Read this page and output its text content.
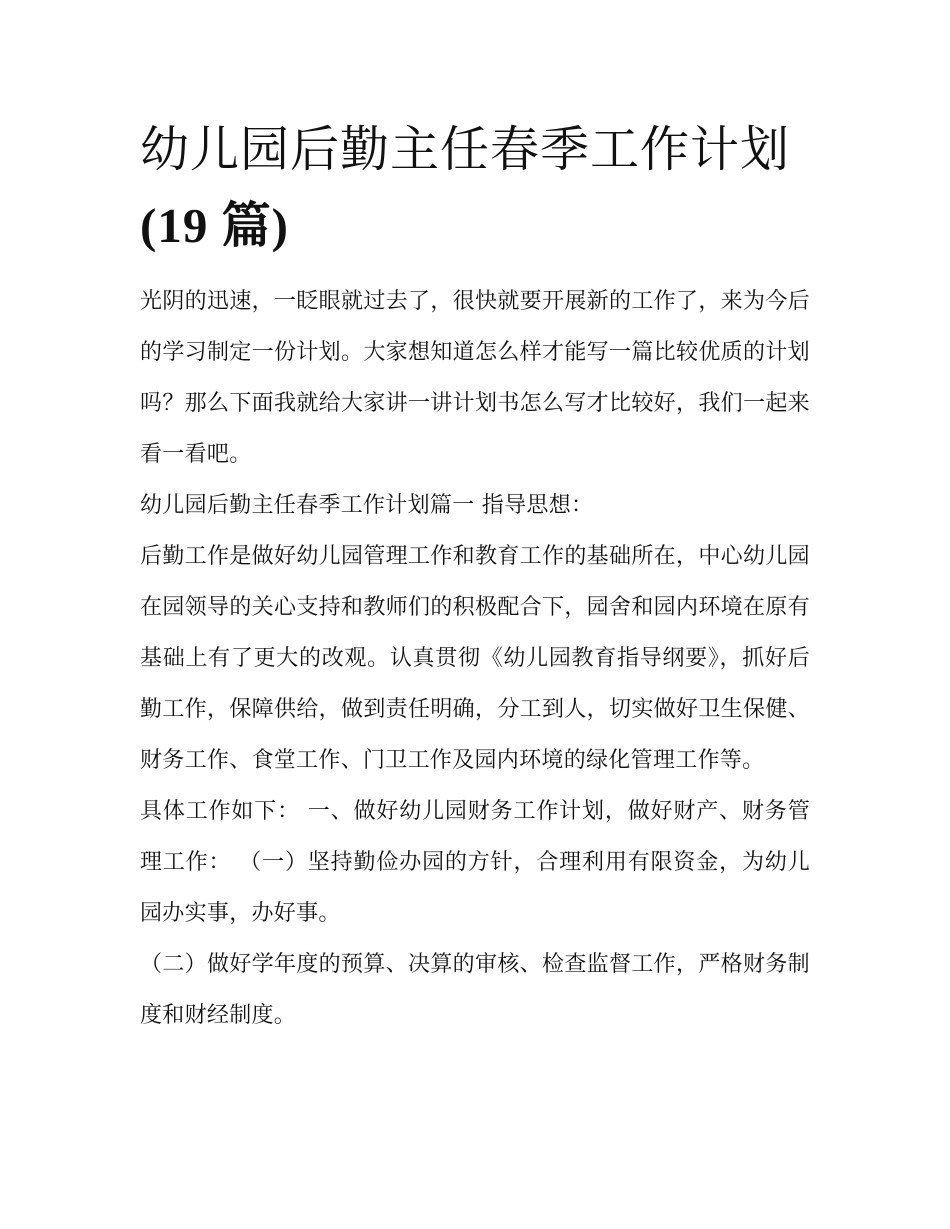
幼儿园后勤主任春季工作计划
(19 篇)

光阴的迅速，一眨眼就过去了，很快就要开展新的工作了，来为今后的学习制定一份计划。大家想知道怎么样才能写一篇比较优质的计划吗？那么下面我就给大家讲一讲计划书怎么写才比较好，我们一起来看一看吧。

幼儿园后勤主任春季工作计划篇一 指导思想：

后勤工作是做好幼儿园管理工作和教育工作的基础所在，中心幼儿园在园领导的关心支持和教师们的积极配合下，园舍和园内环境在原有基础上有了更大的改观。认真贯彻《幼儿园教育指导纲要》，抓好后勤工作，保障供给，做到责任明确，分工到人，切实做好卫生保健、财务工作、食堂工作、门卫工作及园内环境的绿化管理工作等。

具体工作如下： 一、做好幼儿园财务工作计划，做好财产、财务管理工作： （一）坚持勤俭办园的方针，合理利用有限资金，为幼儿园办实事，办好事。

（二）做好学年度的预算、决算的审核、检查监督工作，严格财务制度和财经制度。
